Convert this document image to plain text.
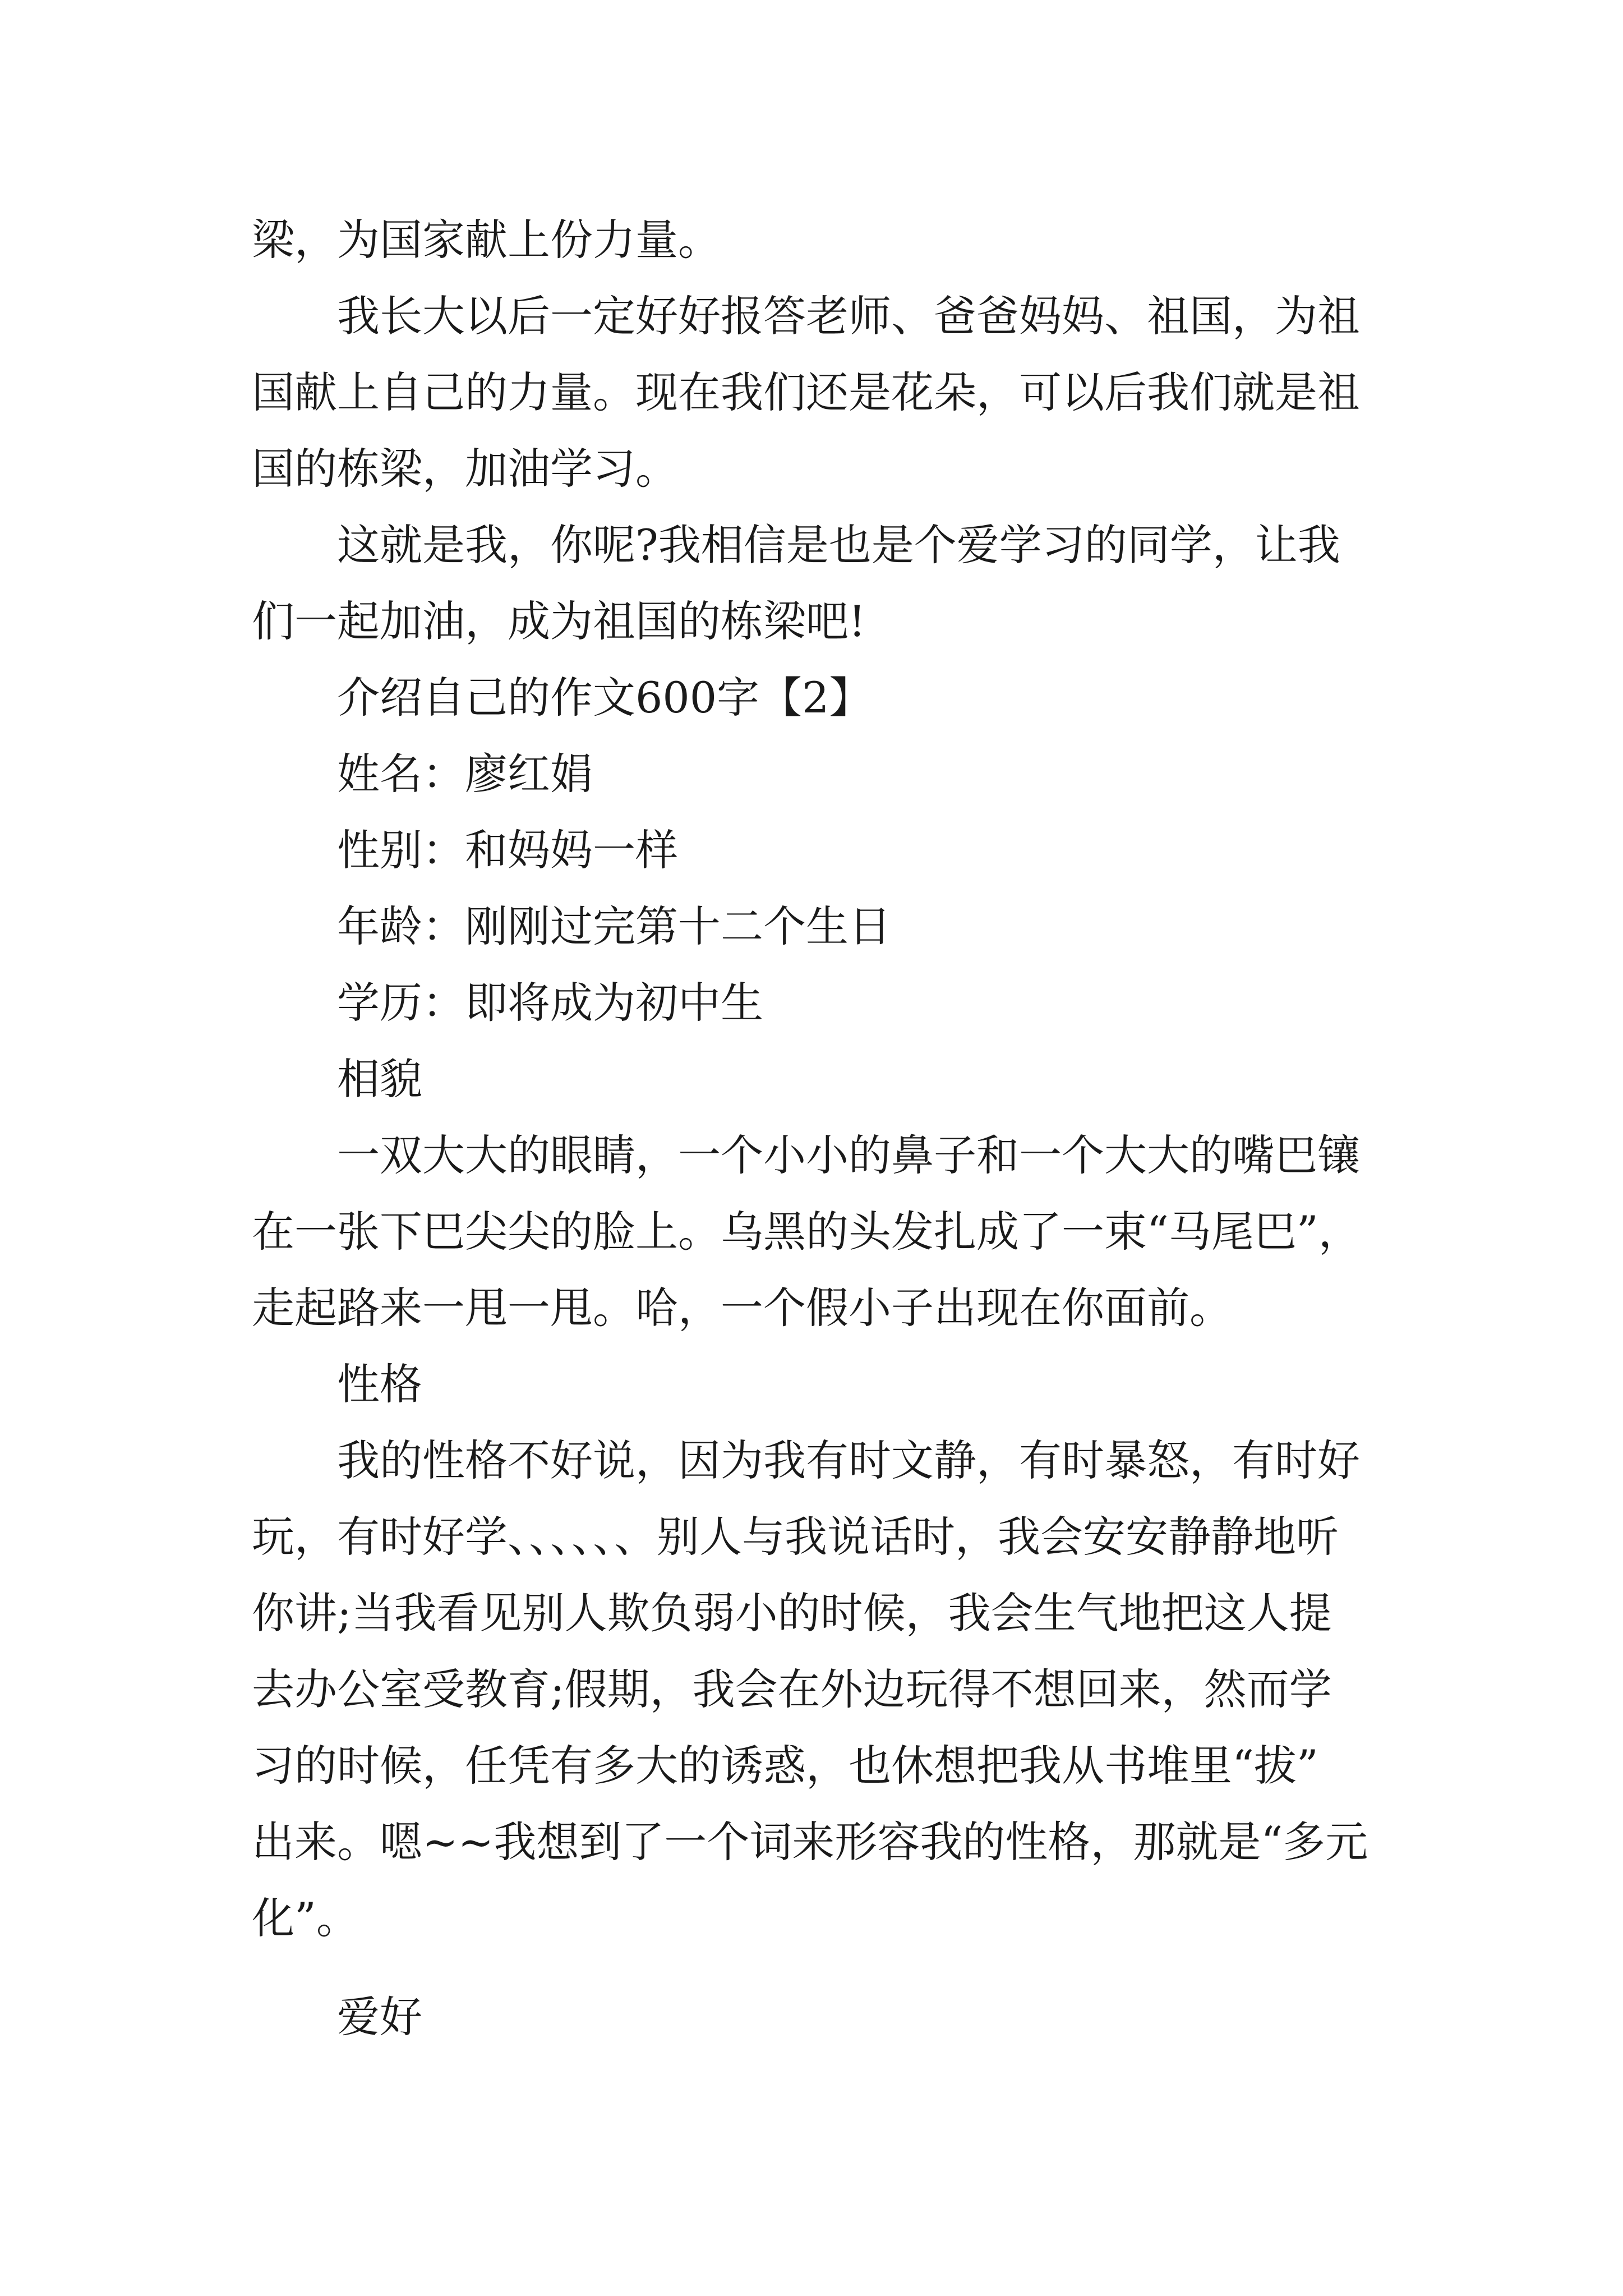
梁，为国家献上份力量。
我长大以后一定好好报答老师、爸爸妈妈、祖国，为祖
国献上自己的力量。现在我们还是花朵，可以后我们就是祖
国的栋梁，加油学习。
这就是我，你呢?我相信是也是个爱学习的同学，让我
们一起加油，成为祖国的栋梁吧!
介绍自己的作文600字【2】
姓名：廖红娟
性别：和妈妈一样
年龄：刚刚过完第十二个生日
学历：即将成为初中生
相貌
一双大大的眼睛，一个小小的鼻子和一个大大的嘴巴镶
在一张下巴尖尖的脸上。乌黑的头发扎成了一束“马尾巴”，
走起路来一甩一甩。哈，一个假小子出现在你面前。
性格
我的性格不好说，因为我有时文静，有时暴怒，有时好
玩，有时好学、、、、、、别人与我说话时，我会安安静静地听
你讲;当我看见别人欺负弱小的时候，我会生气地把这人提
去办公室受教育;假期，我会在外边玩得不想回来，然而学
习的时候，任凭有多大的诱惑，也休想把我从书堆里“拔”
出来。嗯~~我想到了一个词来形容我的性格，那就是“多元
化”。
爱好
